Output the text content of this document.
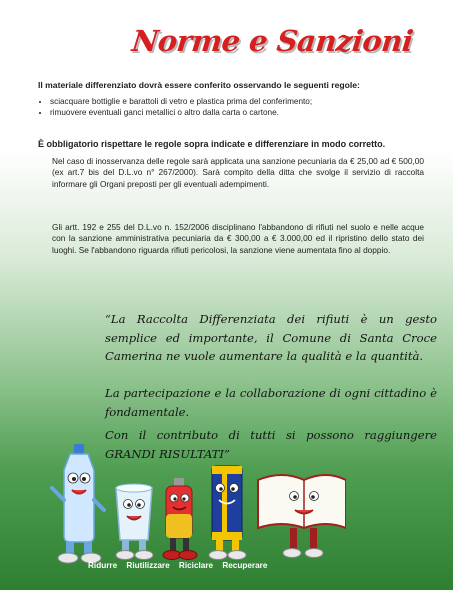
Norme e Sanzioni
Il materiale differenziato dovrà essere conferito osservando le seguenti regole:
• sciacquare bottiglie e barattoli di vetro e plastica prima del conferimento;
• rimuovere eventuali ganci metallici o altro dalla carta o cartone.
È obbligatorio rispettare le regole sopra indicate e differenziare in modo corretto.
Nel caso di inosservanza delle regole sarà applicata una sanzione pecuniaria da € 25,00 ad € 500,00 (ex art.7 bis del D.L.vo n° 267/2000). Sarà compito della ditta che svolge il servizio di raccolta informare gli Organi preposti per gli eventuali adempimenti.
Gli artt. 192 e 255 del D.L.vo n. 152/2006 disciplinano l'abbandono di rifiuti nel suolo e nelle acque con la sanzione amministrativa pecuniaria da € 300,00 a € 3.000,00 ed il ripristino dello stato dei luoghi. Se l'abbandono riguarda rifiuti pericolosi, la sanzione viene aumentata fino al doppio.
“La Raccolta Differenziata dei rifiuti è un gesto semplice ed importante, il Comune di Santa Croce Camerina ne vuole aumentare la qualità e la quantità.
La partecipazione e la collaborazione di ogni cittadino è fondamentale.
Con il contributo di tutti si possono raggiungere GRANDI RISULTATI”
Ridurre Riutilizzare Riciclare Recuperare
